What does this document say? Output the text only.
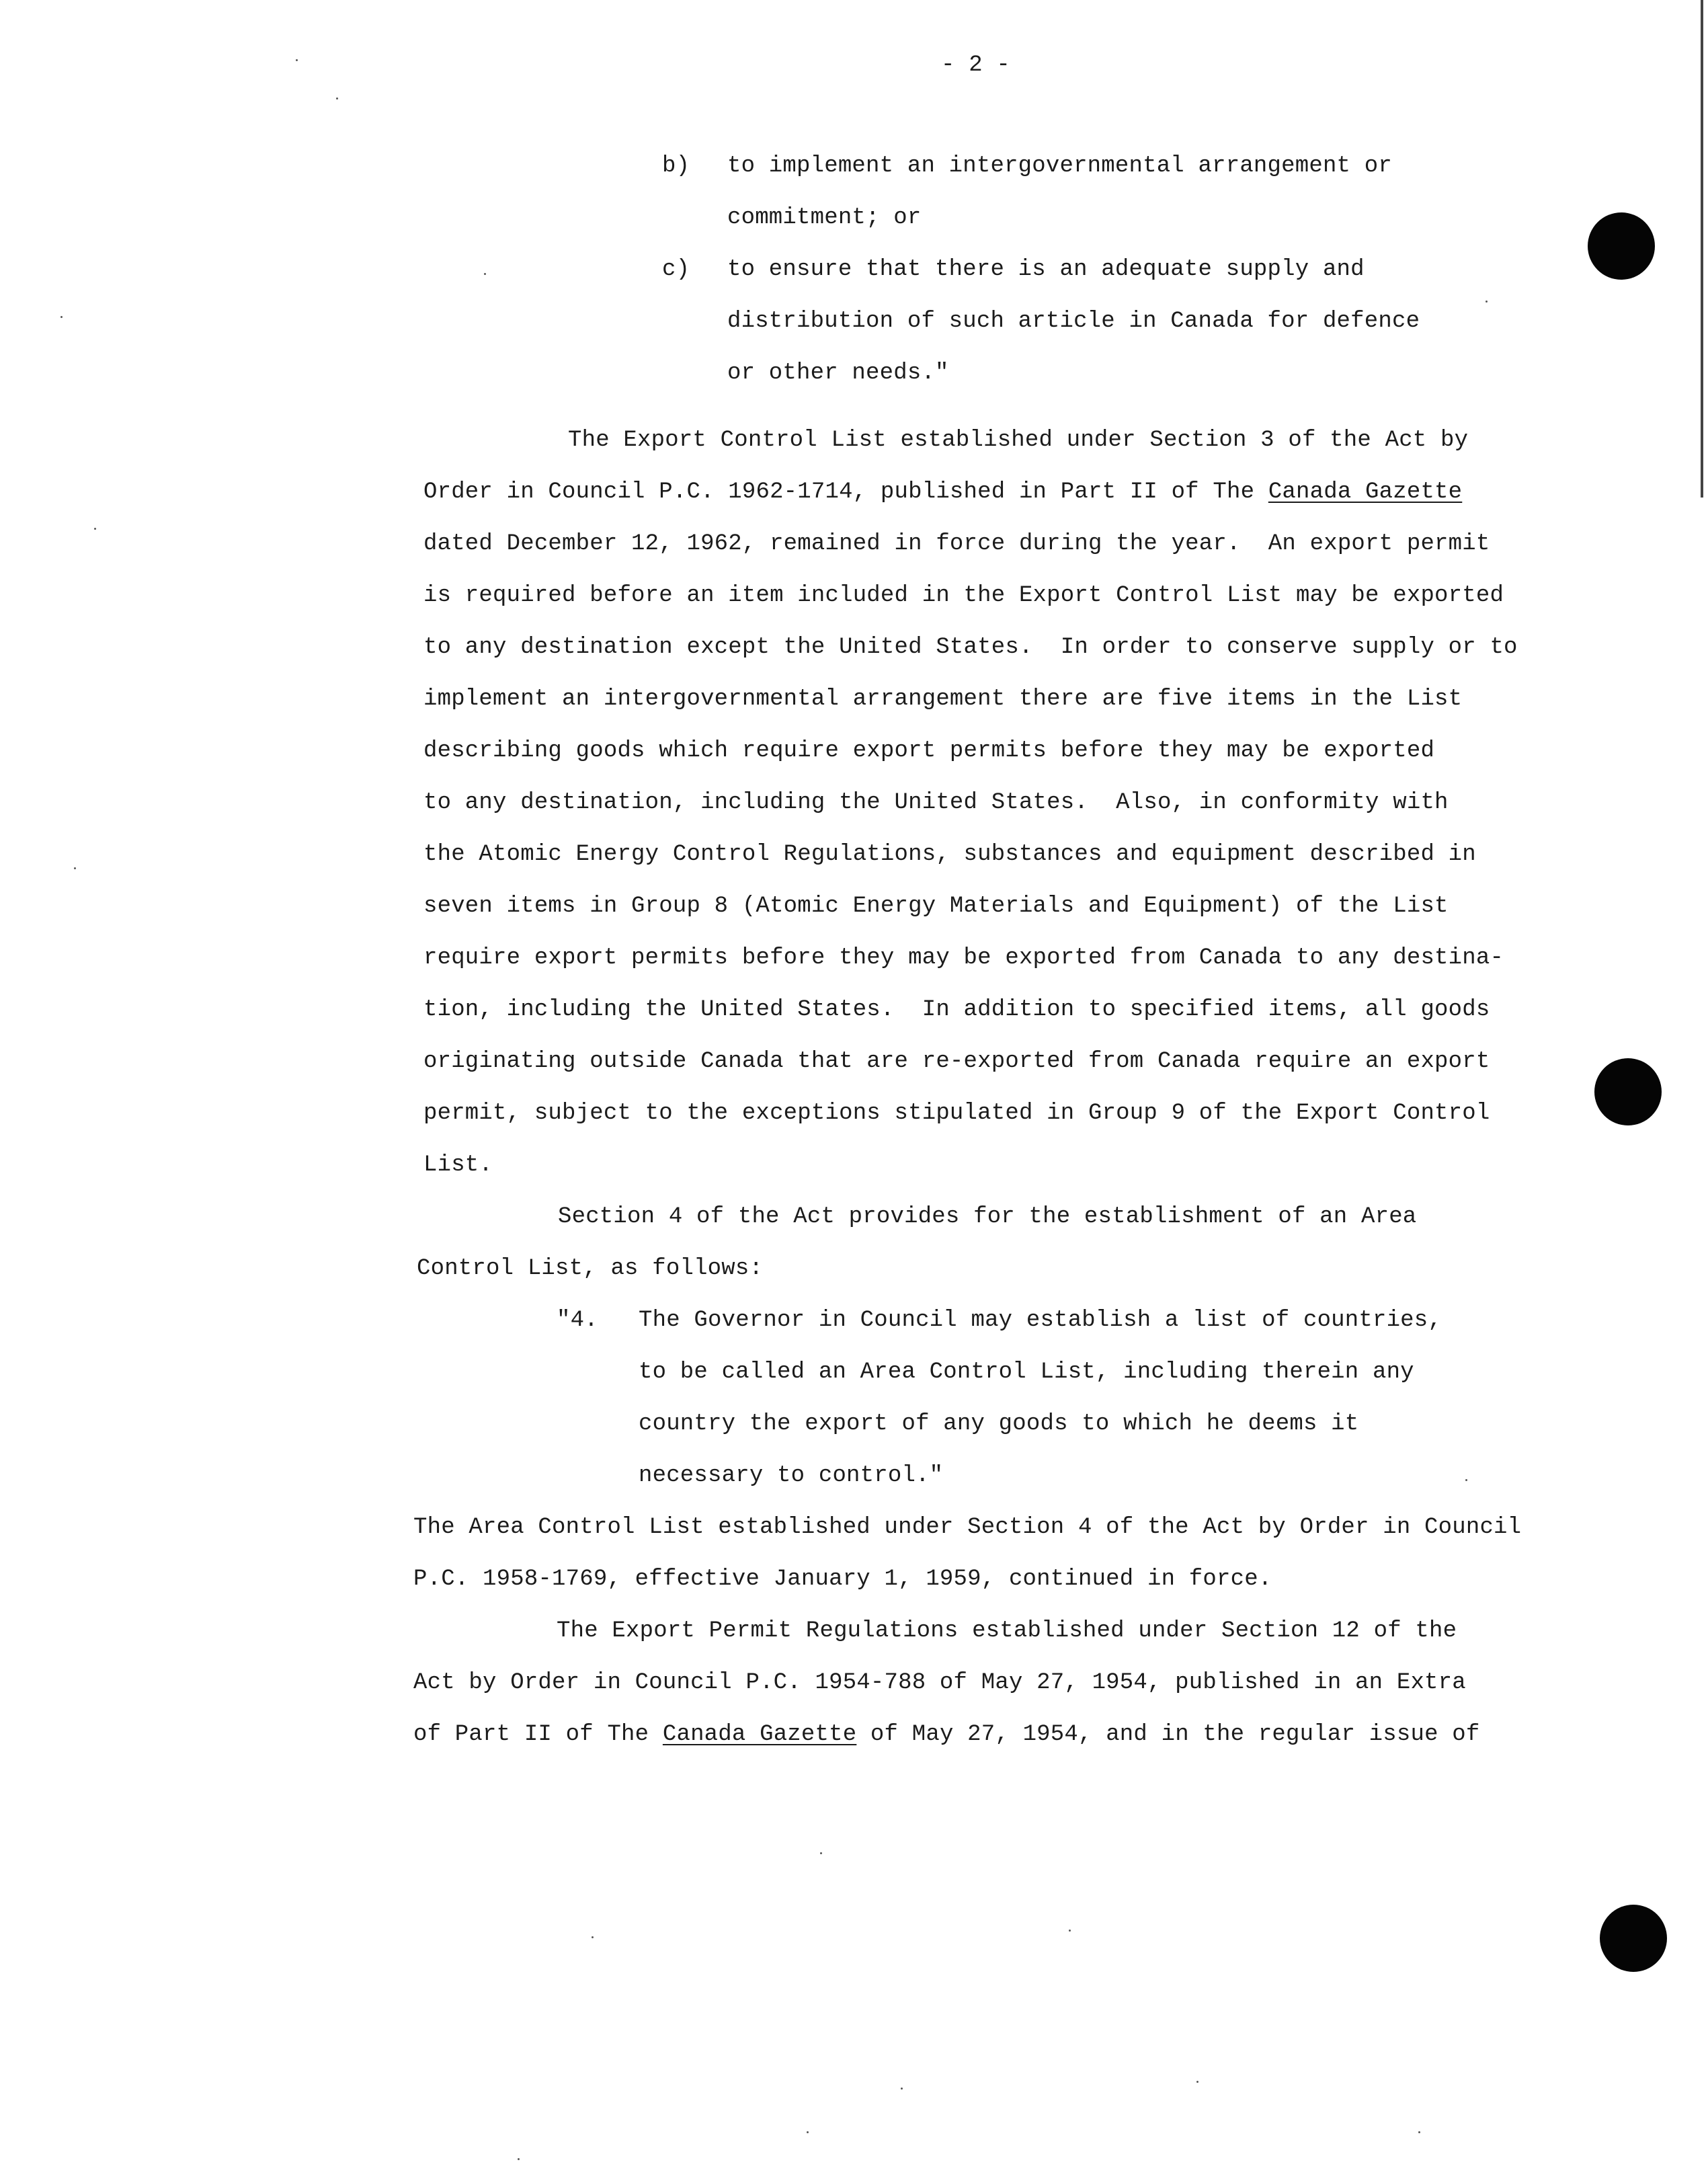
- 2 -
b) to implement an intergovernmental arrangement or
commitment; or
c) to ensure that there is an adequate supply and
distribution of such article in Canada for defence
or other needs."
The Export Control List established under Section 3 of the Act by
Order in Council P.C. 1962-1714, published in Part II of The Canada Gazette
dated December 12, 1962, remained in force during the year.  An export permit
is required before an item included in the Export Control List may be exported
to any destination except the United States.  In order to conserve supply or to
implement an intergovernmental arrangement there are five items in the List
describing goods which require export permits before they may be exported
to any destination, including the United States.  Also, in conformity with
the Atomic Energy Control Regulations, substances and equipment described in
seven items in Group 8 (Atomic Energy Materials and Equipment) of the List
require export permits before they may be exported from Canada to any destina-
tion, including the United States.  In addition to specified items, all goods
originating outside Canada that are re-exported from Canada require an export
permit, subject to the exceptions stipulated in Group 9 of the Export Control
List.
Section 4 of the Act provides for the establishment of an Area
Control List, as follows:
"4. The Governor in Council may establish a list of countries,
to be called an Area Control List, including therein any
country the export of any goods to which he deems it
necessary to control."
The Area Control List established under Section 4 of the Act by Order in Council
P.C. 1958-1769, effective January 1, 1959, continued in force.
The Export Permit Regulations established under Section 12 of the
Act by Order in Council P.C. 1954-788 of May 27, 1954, published in an Extra
of Part II of The Canada Gazette of May 27, 1954, and in the regular issue of
